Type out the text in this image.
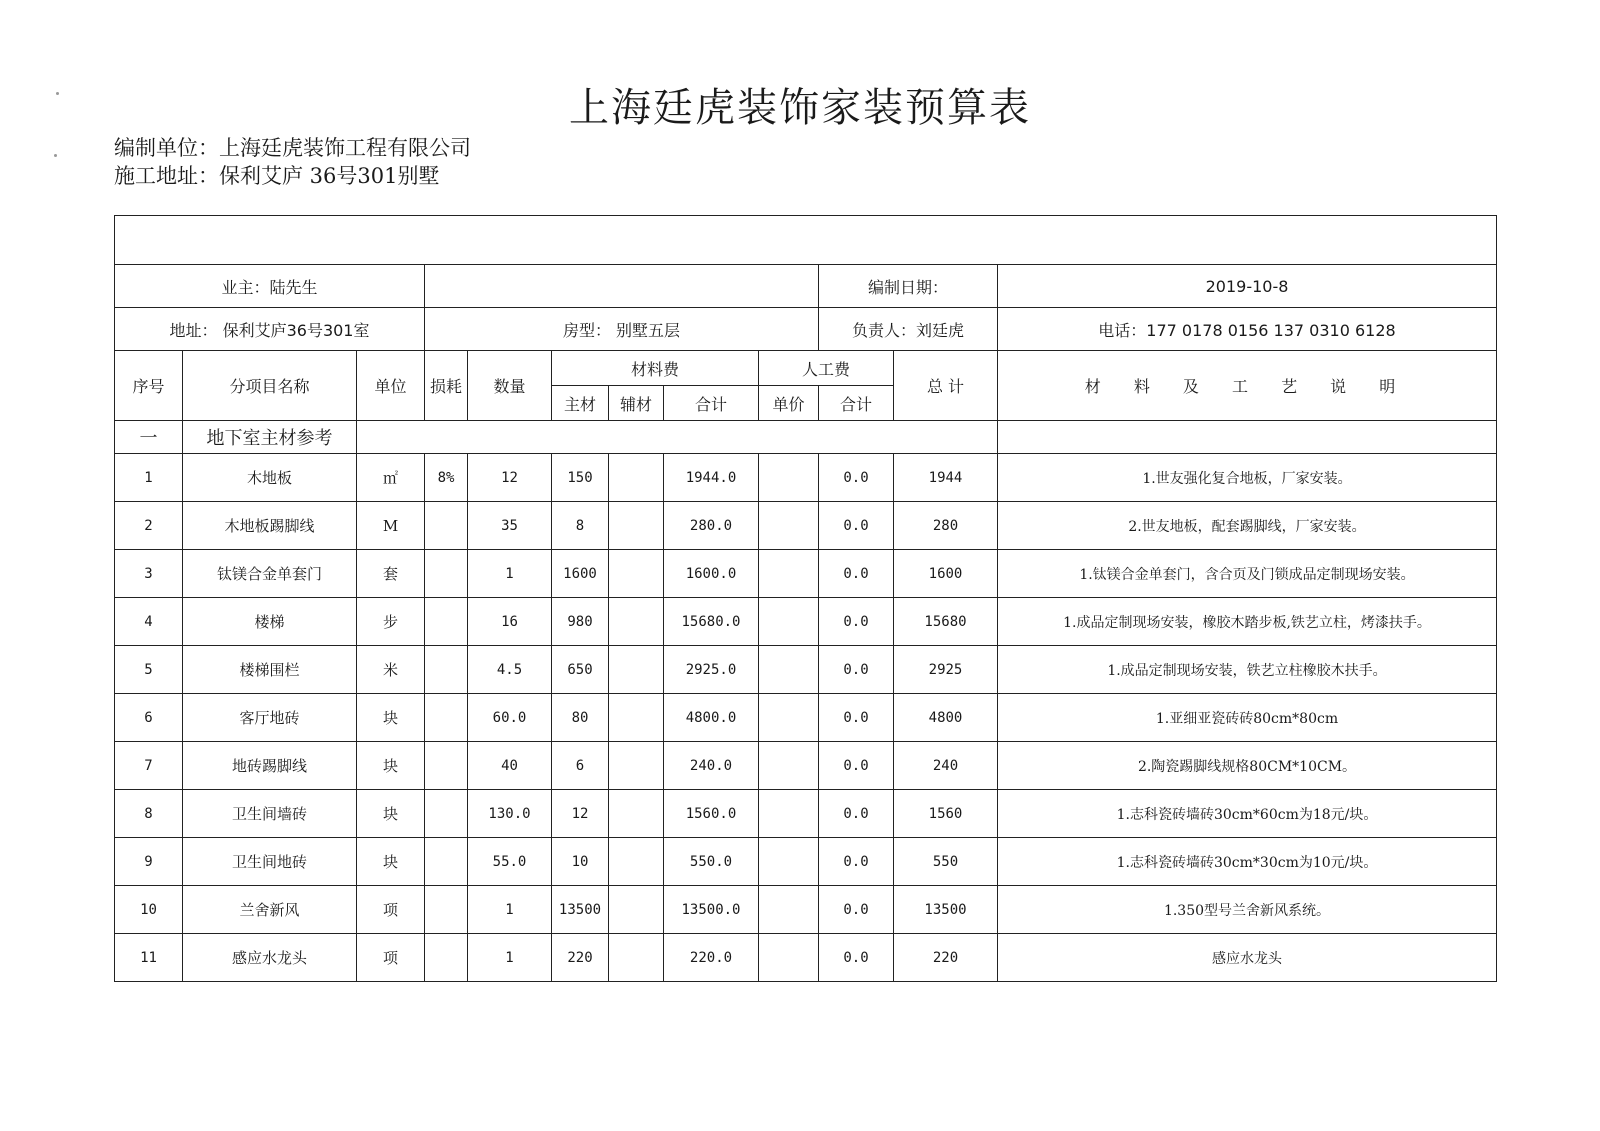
上海廷虎装饰家装预算表
编制单位：上海廷虎装饰工程有限公司
施工地址：保利艾庐 36号301别墅

业主：陆先生									编制日期：		2019-10-8
地址： 保利艾庐36号301室			房型： 别墅五层						负责人：刘廷虎		电话：177 0178 0156 137 0310 6128
序号	分项目名称	单位	损耗	数量	材料费			人工费		总 计	材 料 及 工 艺 说 明
					主材	辅材	合计	单价	合计		
一	地下室主材参考										
1	木地板	㎡	8%	12	150		1944.0		0.0	1944	1.世友强化复合地板，厂家安装。
2	木地板踢脚线	M		35	8		280.0		0.0	280	2.世友地板，配套踢脚线，厂家安装。
3	钛镁合金单套门	套		1	1600		1600.0		0.0	1600	1.钛镁合金单套门，含合页及门锁成品定制现场安装。
4	楼梯	步		16	980		15680.0		0.0	15680	1.成品定制现场安装，橡胶木踏步板,铁艺立柱，烤漆扶手。
5	楼梯围栏	米		4.5	650		2925.0		0.0	2925	1.成品定制现场安装，铁艺立柱橡胶木扶手。
6	客厅地砖	块		60.0	80		4800.0		0.0	4800	1.亚细亚瓷砖砖80cm*80cm
7	地砖踢脚线	块		40	6		240.0		0.0	240	2.陶瓷踢脚线规格80CM*10CM。
8	卫生间墙砖	块		130.0	12		1560.0		0.0	1560	1.志科瓷砖墙砖30cm*60cm为18元/块。
9	卫生间地砖	块		55.0	10		550.0		0.0	550	1.志科瓷砖墙砖30cm*30cm为10元/块。
10	兰舍新风	项		1	13500		13500.0		0.0	13500	1.350型号兰舍新风系统。
11	感应水龙头	项		1	220		220.0		0.0	220	感应水龙头
